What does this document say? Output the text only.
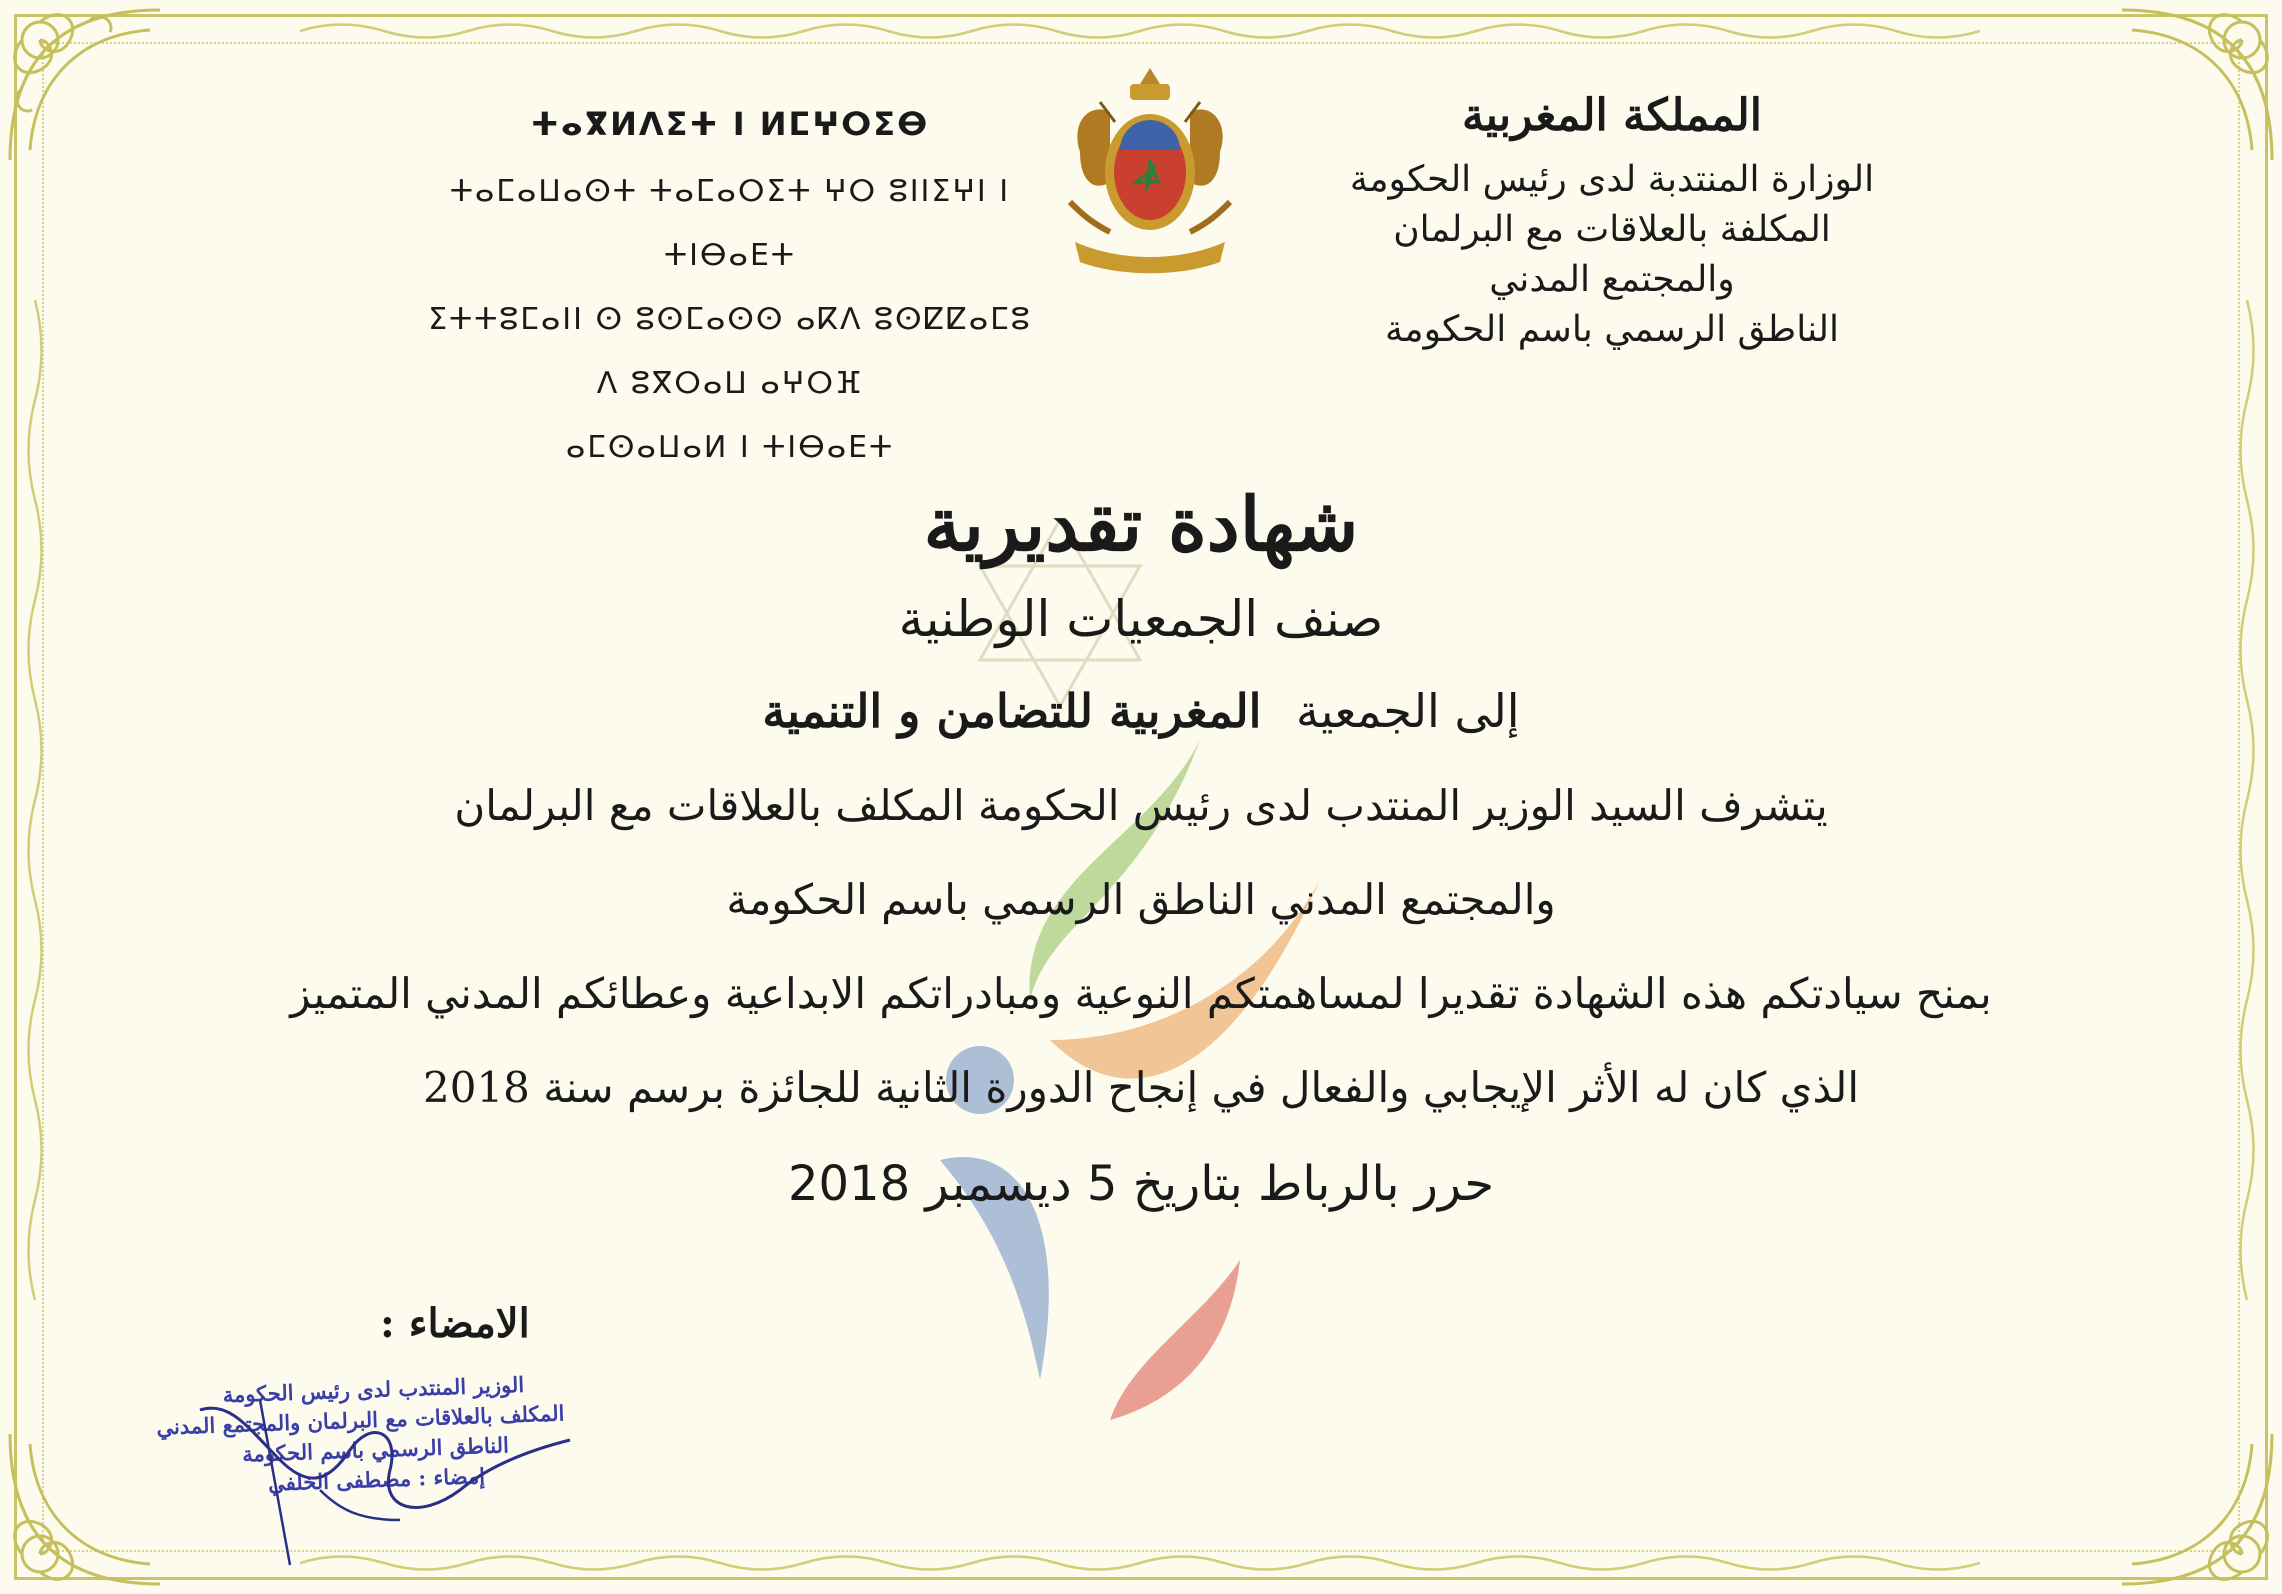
ⵜⴰⴳⵍⴷⵉⵜ ⵏ ⵍⵎⵖⵔⵉⴱ
ⵜⴰⵎⴰⵡⴰⵙⵜ ⵜⴰⵎⴰⵔⵉⵜ ⵖⵔ ⵓⵏⵏⵉⵖⵏ ⵏ ⵜⵏⴱⴰⴹⵜ
ⵉⵜⵜⵓⵎⴰⵏⵏ ⵙ ⵓⵙⵎⴰⵙⵙ ⴰⴽⴷ ⵓⵙⵇⵇⴰⵎⵓ
ⴷ ⵓⴳⵔⴰⵡ ⴰⵖⵔⴼ
ⴰⵎⵙⴰⵡⴰⵍ ⵏ ⵜⵏⴱⴰⴹⵜ
المملكة المغربية
الوزارة المنتدبة لدى رئيس الحكومة
المكلفة بالعلاقات مع البرلمان
والمجتمع المدني
الناطق الرسمي باسم الحكومة

شهادة تقديرية

صنف الجمعيات الوطنية

إلى الجمعية المغربية للتضامن و التنمية

يتشرف السيد الوزير المنتدب لدى رئيس الحكومة المكلف بالعلاقات مع البرلمان

والمجتمع المدني الناطق الرسمي باسم الحكومة

بمنح سيادتكم هذه الشهادة تقديرا لمساهمتكم النوعية ومبادراتكم الابداعية وعطائكم المدني المتميز

الذي كان له الأثر الإيجابي والفعال في إنجاح الدورة الثانية للجائزة برسم سنة 2018

حرر بالرباط بتاريخ 5 ديسمبر 2018

الامضاء :
الوزير المنتدب لدى رئيس الحكومة
المكلف بالعلاقات مع البرلمان والمجتمع المدني
الناطق الرسمي باسم الحكومة
إمضاء : مصطفى الخلفي
